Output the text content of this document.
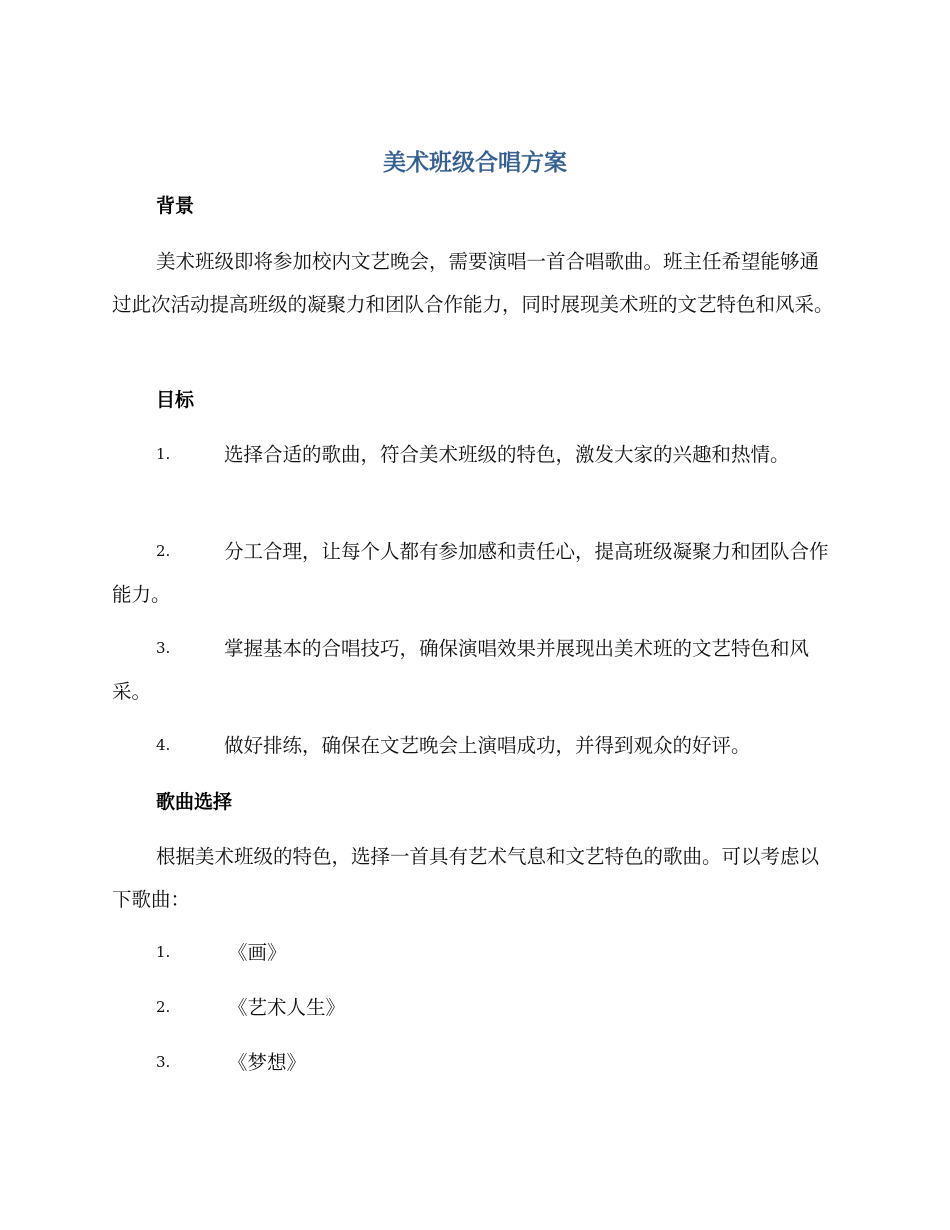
美术班级合唱方案
背景

美术班级即将参加校内文艺晚会，需要演唱一首合唱歌曲。班主任希望能够通过此次活动提高班级的凝聚力和团队合作能力，同时展现美术班的文艺特色和风采。

目标

1.	选择合适的歌曲，符合美术班级的特色，激发大家的兴趣和热情。

2.	分工合理，让每个人都有参加感和责任心，提高班级凝聚力和团队合作能力。

3.	掌握基本的合唱技巧，确保演唱效果并展现出美术班的文艺特色和风采。

4.	做好排练，确保在文艺晚会上演唱成功，并得到观众的好评。

歌曲选择

根据美术班级的特色，选择一首具有艺术气息和文艺特色的歌曲。可以考虑以下歌曲：

1.	《画》

2.	《艺术人生》

3.	《梦想》
